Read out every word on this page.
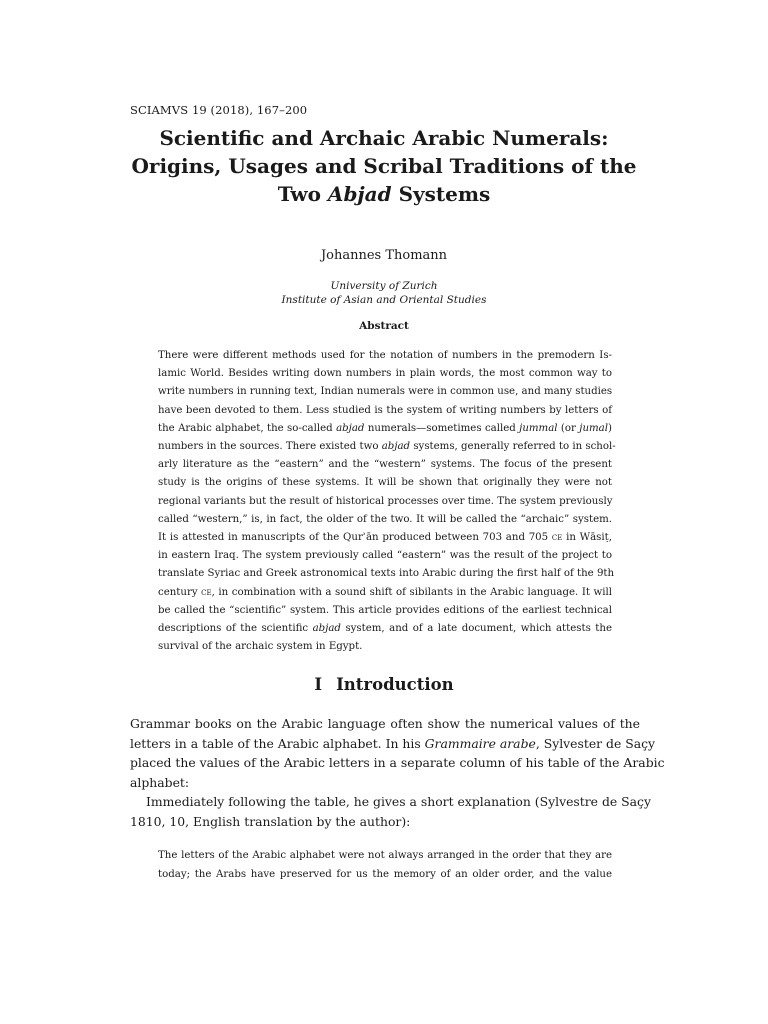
SCIAMVS 19 (2018), 167–200
Scientific and Archaic Arabic Numerals:
Origins, Usages and Scribal Traditions of the
Two Abjad Systems
Johannes Thomann
University of Zurich
Institute of Asian and Oriental Studies
Abstract
There were different methods used for the notation of numbers in the premodern Is-
lamic World. Besides writing down numbers in plain words, the most common way to
write numbers in running text, Indian numerals were in common use, and many studies
have been devoted to them. Less studied is the system of writing numbers by letters of
the Arabic alphabet, the so-called abjad numerals—sometimes called jummal (or jumal)
numbers in the sources. There existed two abjad systems, generally referred to in schol-
arly literature as the “eastern” and the “western” systems. The focus of the present
study is the origins of these systems. It will be shown that originally they were not
regional variants but the result of historical processes over time. The system previously
called “western,” is, in fact, the older of the two. It will be called the “archaic” system.
It is attested in manuscripts of the Qurʾān produced between 703 and 705 ce in Wāsiṭ,
in eastern Iraq. The system previously called “eastern” was the result of the project to
translate Syriac and Greek astronomical texts into Arabic during the first half of the 9th
century ce, in combination with a sound shift of sibilants in the Arabic language. It will
be called the “scientific” system. This article provides editions of the earliest technical
descriptions of the scientific abjad system, and of a late document, which attests the
survival of the archaic system in Egypt.
I Introduction
Grammar books on the Arabic language often show the numerical values of the
letters in a table of the Arabic alphabet. In his Grammaire arabe, Sylvester de Saçy
placed the values of the Arabic letters in a separate column of his table of the Arabic
alphabet:
Immediately following the table, he gives a short explanation (Sylvestre de Saçy
1810, 10, English translation by the author):
The letters of the Arabic alphabet were not always arranged in the order that they are
today; the Arabs have preserved for us the memory of an older order, and the value
